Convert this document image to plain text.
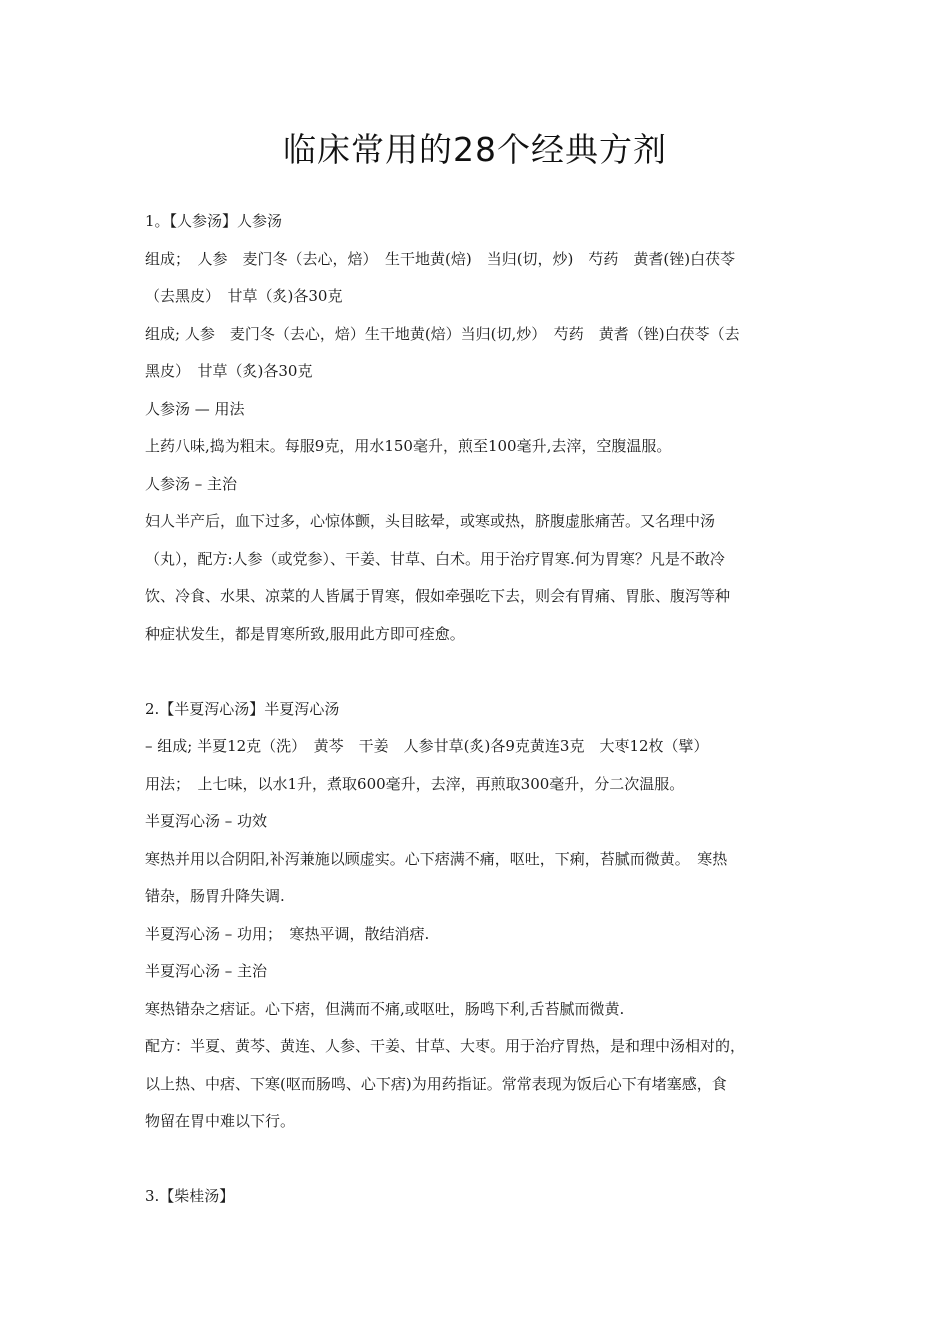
临床常用的28个经典方剂
1。【人参汤】人参汤
组成；　人参　麦门冬（去心，焙）　生干地黄(焙)　当归(切，炒)　芍药　黄耆(锉)白茯苓
（去黑皮）　甘草（炙)各30克
组成; 人参　麦门冬（去心，焙）生干地黄(焙）当归(切,炒）　芍药　黄耆（锉)白茯苓（去
黑皮）　甘草（炙)各30克
人参汤 — 用法
上药八味,捣为粗末。每服9克，用水150毫升，煎至100毫升,去滓，空腹温服。
人参汤 – 主治
妇人半产后，血下过多，心惊体颤，头目眩晕，或寒或热，脐腹虚胀痛苦。又名理中汤
（丸），配方:人参（或党参）、干姜、甘草、白术。用于治疗胃寒.何为胃寒？凡是不敢冷
饮、冷食、水果、凉菜的人皆属于胃寒，假如牵强吃下去，则会有胃痛、胃胀、腹泻等种
种症状发生，都是胃寒所致,服用此方即可痊愈。
2.【半夏泻心汤】半夏泻心汤
– 组成; 半夏12克（洗）　黄芩　干姜　人参甘草(炙)各9克黄连3克　大枣12枚（擘）
用法；　上七味，以水1升，煮取600毫升，去滓，再煎取300毫升，分二次温服。
半夏泻心汤 – 功效
寒热并用以合阴阳,补泻兼施以顾虚实。心下痞满不痛，呕吐，下痢，苔腻而微黄。　寒热
错杂，肠胃升降失调.
半夏泻心汤 – 功用；　寒热平调，散结消痞.
半夏泻心汤 – 主治
寒热错杂之痞证。心下痞，但满而不痛,或呕吐，肠鸣下利,舌苔腻而微黄.
配方：半夏、黄芩、黄连、人参、干姜、甘草、大枣。用于治疗胃热，是和理中汤相对的，
以上热、中痞、下寒(呕而肠鸣、心下痞)为用药指证。常常表现为饭后心下有堵塞感，食
物留在胃中难以下行。
3.【柴桂汤】
